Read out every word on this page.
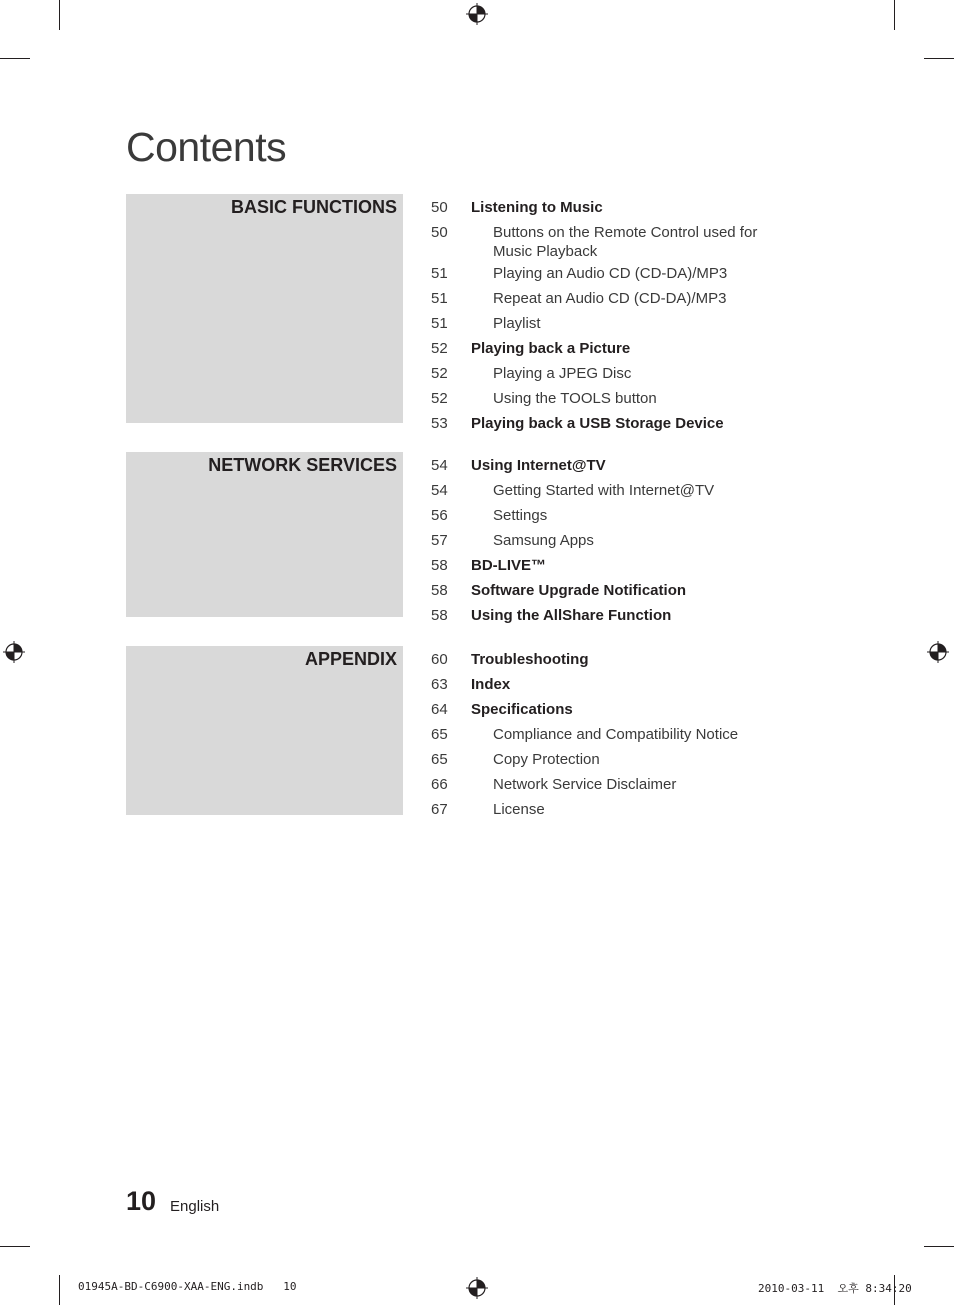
Contents
BASIC FUNCTIONS 50	Listening to Music
50	Buttons on the Remote Control used for Music Playback
51	Playing an Audio CD (CD-DA)/MP3
51	Repeat an Audio CD (CD-DA)/MP3
51	Playlist
52	Playing back a Picture
52	Playing a JPEG Disc
52	Using the TOOLS button
53	Playing back a USB Storage Device
NETWORK SERVICES 54	Using Internet@TV
54	Getting Started with Internet@TV
56	Settings
57	Samsung Apps
58	BD-LIVE™
58	Software Upgrade Notification
58	Using the AllShare Function
APPENDIX 60	Troubleshooting
63	Index
64	Specifications
65	Compliance and Compatibility Notice
65	Copy Protection
66	Network Service Disclaimer
67	License
10 English
01945A-BD-C6900-XAA-ENG.indb   10	2010-03-11  오후 8:34:20
